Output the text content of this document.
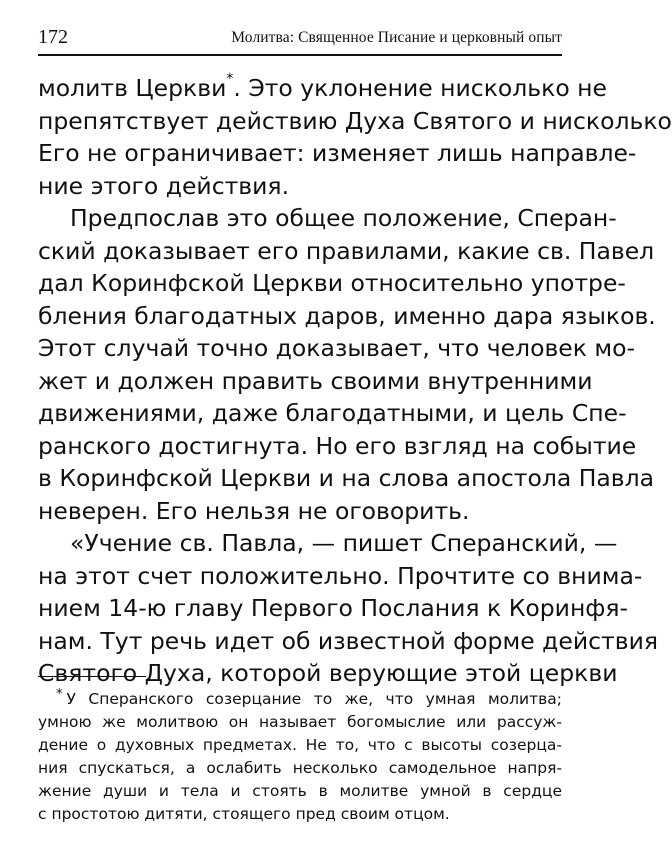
172	Молитва: Священное Писание и церковный опыт
молитв Церкви*. Это уклонение нисколько не
препятствует действию Духа Святого и нисколько
Его не ограничивает: изменяет лишь направле-
ние этого действия.
Предпослав это общее положение, Сперан-
ский доказывает его правилами, какие св. Павел
дал Коринфской Церкви относительно употре-
бления благодатных даров, именно дара языков.
Этот случай точно доказывает, что человек мо-
жет и должен править своими внутренними
движениями, даже благодатными, и цель Спе-
ранского достигнута. Но его взгляд на событие
в Коринфской Церкви и на слова апостола Павла
неверен. Его нельзя не оговорить.
«Учение св. Павла, — пишет Сперанский, —
на этот счет положительно. Прочтите со внима-
нием 14-ю главу Первого Послания к Коринфя-
нам. Тут речь идет об известной форме действия
Святого Духа, которой верующие этой церкви
* У Сперанского созерцание то же, что умная молитва;
умною же молитвою он называет богомыслие или рассуж-
дение о духовных предметах. Не то, что с высоты созерца-
ния спускаться, а ослабить несколько самодельное напря-
жение души и тела и стоять в молитве умной в сердце
с простотою дитяти, стоящего пред своим отцом.
